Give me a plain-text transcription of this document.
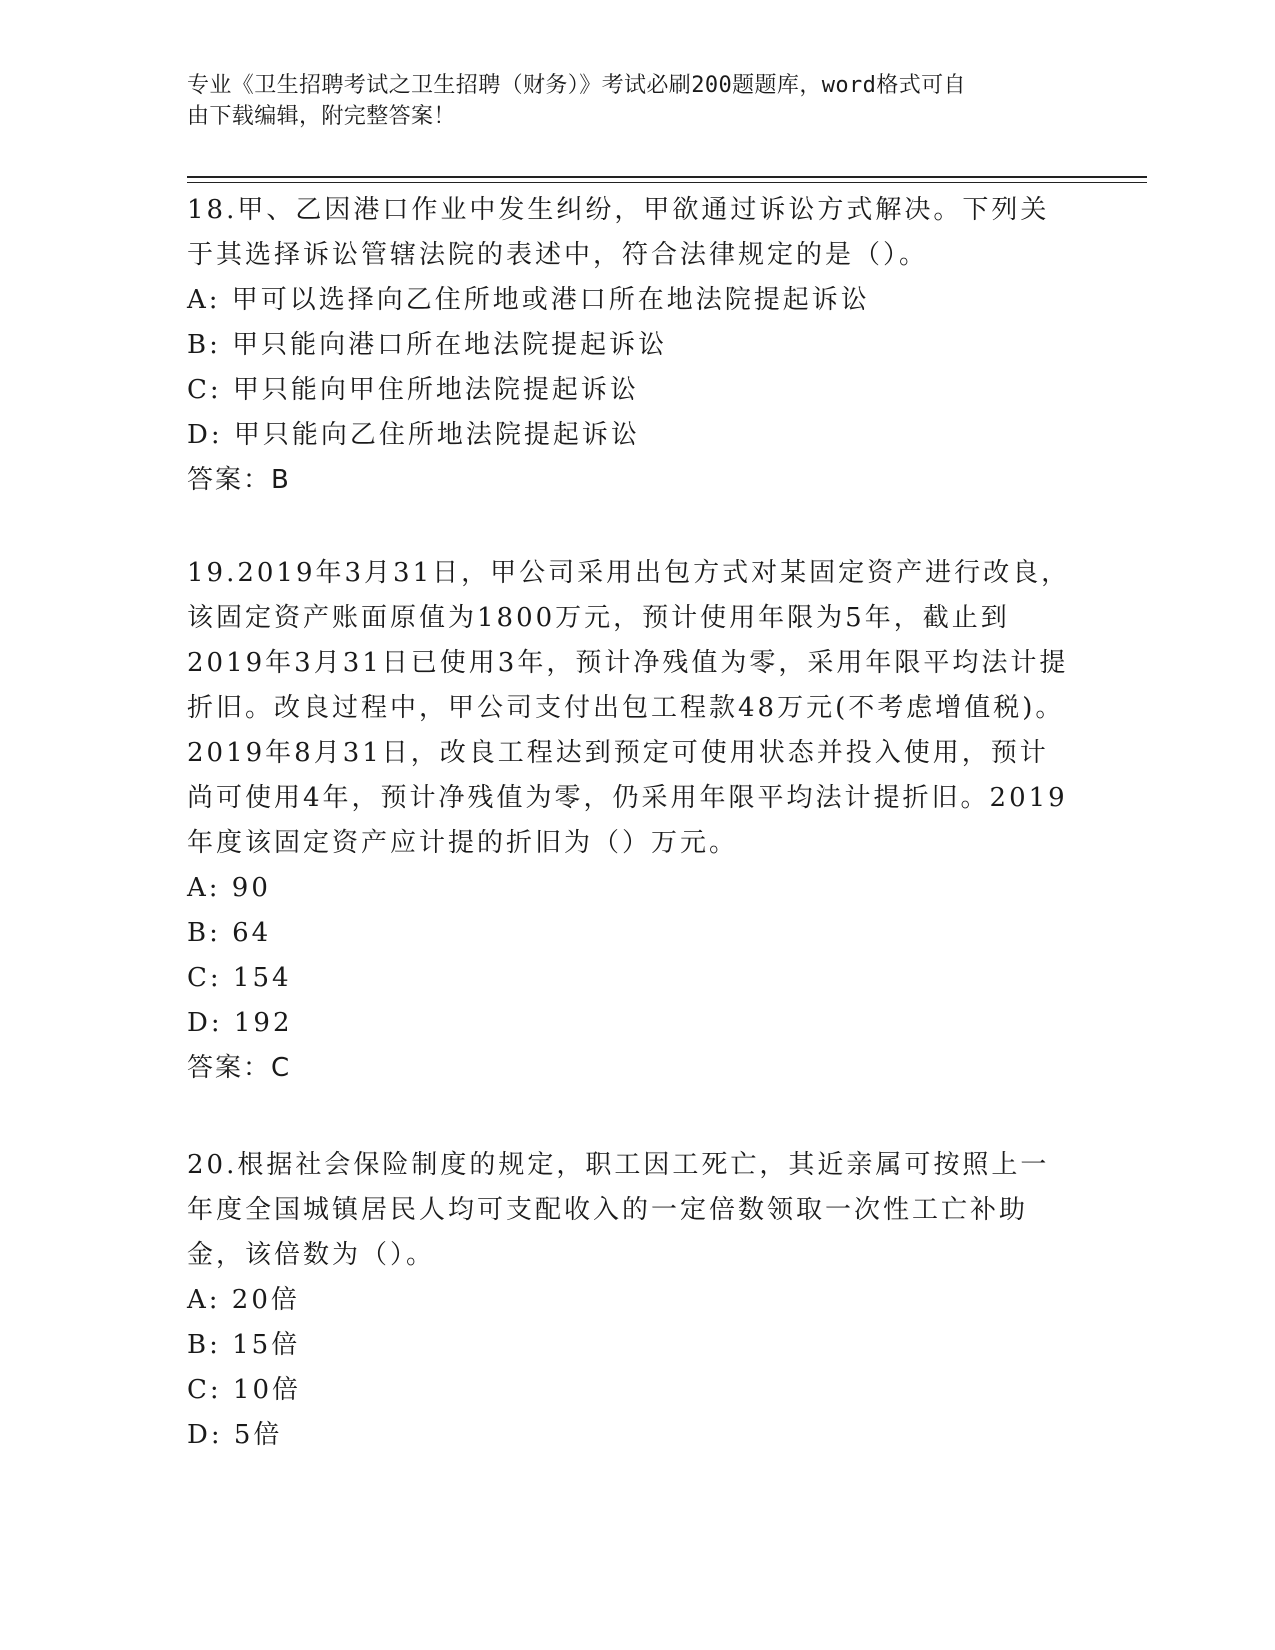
专业《卫生招聘考试之卫生招聘（财务）》考试必刷200题题库，word格式可自
由下载编辑，附完整答案！
18.甲、乙因港口作业中发生纠纷，甲欲通过诉讼方式解决。下列关于其选择诉讼管辖法院的表述中，符合法律规定的是（）。
A: 甲可以选择向乙住所地或港口所在地法院提起诉讼
B: 甲只能向港口所在地法院提起诉讼
C: 甲只能向甲住所地法院提起诉讼
D: 甲只能向乙住所地法院提起诉讼
答案：B
19.2019年3月31日，甲公司采用出包方式对某固定资产进行改良，该固定资产账面原值为1800万元，预计使用年限为5年，截止到2019年3月31日已使用3年，预计净残值为零，采用年限平均法计提折旧。改良过程中，甲公司支付出包工程款48万元(不考虑增值税)。2019年8月31日，改良工程达到预定可使用状态并投入使用，预计尚可使用4年，预计净残值为零，仍采用年限平均法计提折旧。2019年度该固定资产应计提的折旧为（）万元。
A: 90
B: 64
C: 154
D: 192
答案：C
20.根据社会保险制度的规定，职工因工死亡，其近亲属可按照上一年度全国城镇居民人均可支配收入的一定倍数领取一次性工亡补助金，该倍数为（）。
A: 20倍
B: 15倍
C: 10倍
D: 5倍
